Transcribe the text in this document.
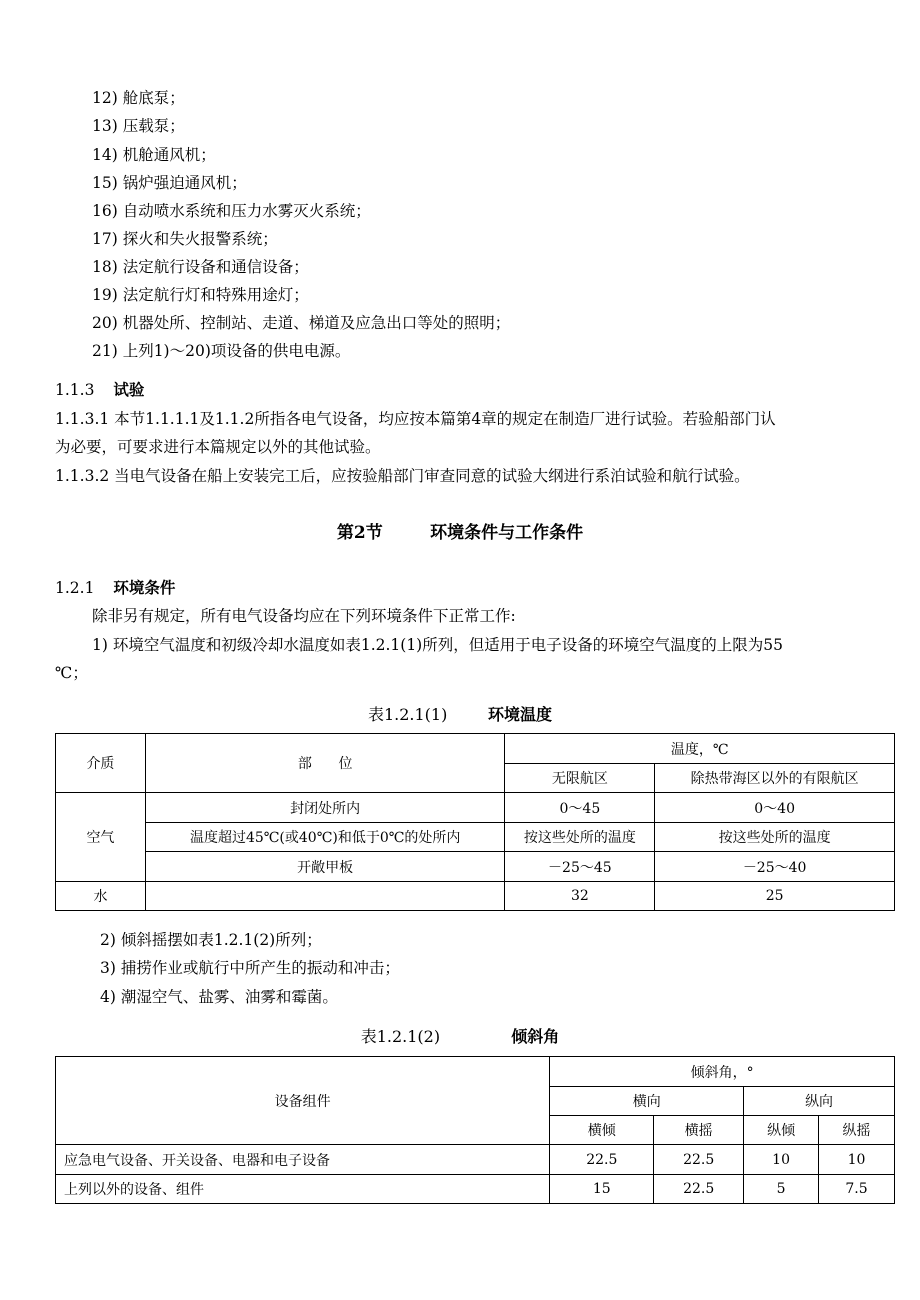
12) 舱底泵；
13) 压载泵；
14) 机舱通风机；
15) 锅炉强迫通风机；
16) 自动喷水系统和压力水雾灭火系统；
17) 探火和失火报警系统；
18) 法定航行设备和通信设备；
19) 法定航行灯和特殊用途灯；
20) 机器处所、控制站、走道、梯道及应急出口等处的照明；
21) 上列1)～20)项设备的供电电源。
1.1.3 试验
1.1.3.1 本节1.1.1.1及1.1.2所指各电气设备，均应按本篇第4章的规定在制造厂进行试验。若验船部门认
为必要，可要求进行本篇规定以外的其他试验。
1.1.3.2 当电气设备在船上安装完工后，应按验船部门审查同意的试验大纲进行系泊试验和航行试验。
第2节	环境条件与工作条件
1.2.1 环境条件
除非另有规定，所有电气设备均应在下列环境条件下正常工作:
1) 环境空气温度和初级冷却水温度如表1.2.1(1)所列，但适用于电子设备的环境空气温度的上限为55
℃；
表1.2.1(1)	环境温度
介质	部      位	温度，℃	
		无限航区	除热带海区以外的有限航区
空气	封闭处所内	0～45	0～40
	温度超过45℃(或40℃)和低于0℃的处所内	按这些处所的温度	按这些处所的温度
	开敞甲板	－25～45	－25～40
水		32	25
2) 倾斜摇摆如表1.2.1(2)所列；
3) 捕捞作业或航行中所产生的振动和冲击；
4) 潮湿空气、盐雾、油雾和霉菌。
表1.2.1(2)	倾斜角
设备组件	倾斜角，°			
	横向		纵向	
	横倾	横摇	纵倾	纵摇
应急电气设备、开关设备、电器和电子设备	22.5	22.5	10	10
上列以外的设备、组件	15	22.5	5	7.5
